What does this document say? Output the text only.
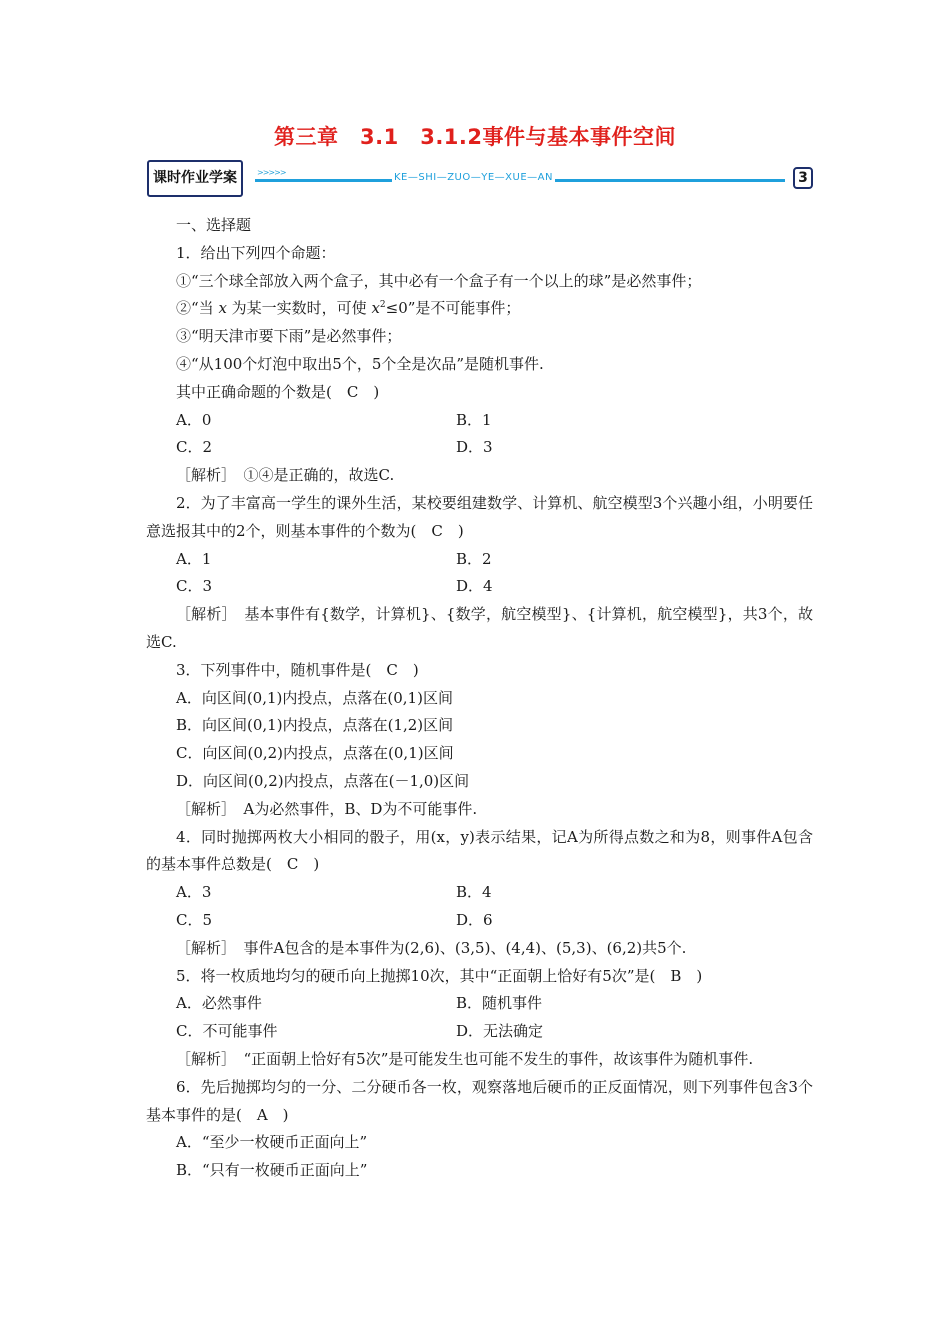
第三章　3.1　3.1.2事件与基本事件空间
课时作业学案	>>>>>	KE—SHI—ZUO—YE—XUE—AN	3
一、选择题
1．给出下列四个命题：
①“三个球全部放入两个盒子，其中必有一个盒子有一个以上的球”是必然事件；
②“当 x 为某一实数时，可使 $x^2\le 0$”是不可能事件；
③“明天津市要下雨”是必然事件；
④“从100个灯泡中取出5个，5个全是次品”是随机事件.
其中正确命题的个数是(　C　)
A．0	B．1
C．2	D．3
［解析］　①④是正确的，故选C.
2．为了丰富高一学生的课外生活，某校要组建数学、计算机、航空模型3个兴趣小组，小明要任意选报其中的2个，则基本事件的个数为(　C　)
A．1	B．2
C．3	D．4
［解析］　基本事件有{数学，计算机}、{数学，航空模型}、{计算机，航空模型}，共3个，故选C.
3．下列事件中，随机事件是(　C　)
A．向区间(0,1)内投点，点落在(0,1)区间
B．向区间(0,1)内投点，点落在(1,2)区间
C．向区间(0,2)内投点，点落在(0,1)区间
D．向区间(0,2)内投点，点落在(－1,0)区间
［解析］　A为必然事件，B、D为不可能事件.
4．同时抛掷两枚大小相同的骰子，用(x，y)表示结果，记A为所得点数之和为8，则事件A包含的基本事件总数是(　C　)
A．3	B．4
C．5	D．6
［解析］　事件A包含的是本事件为(2,6)、(3,5)、(4,4)、(5,3)、(6,2)共5个.
5．将一枚质地均匀的硬币向上抛掷10次，其中“正面朝上恰好有5次”是(　B　)
A．必然事件	B．随机事件
C．不可能事件	D．无法确定
［解析］　“正面朝上恰好有5次”是可能发生也可能不发生的事件，故该事件为随机事件.
6．先后抛掷均匀的一分、二分硬币各一枚，观察落地后硬币的正反面情况，则下列事件包含3个基本事件的是(　A　)
A．“至少一枚硬币正面向上”
B．“只有一枚硬币正面向上”
